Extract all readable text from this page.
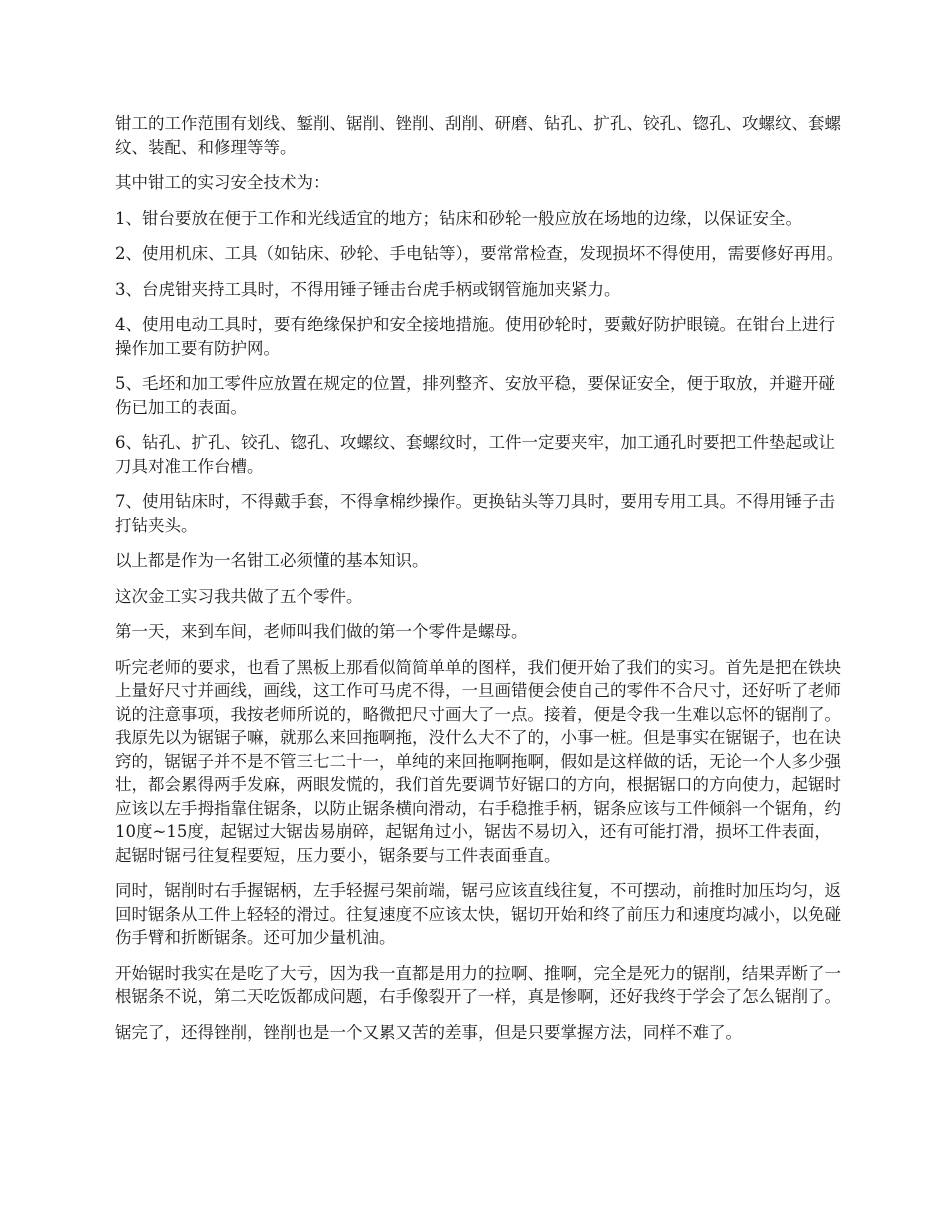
钳工的工作范围有划线、錾削、锯削、锉削、刮削、研磨、钻孔、扩孔、铰孔、锪孔、攻螺纹、套螺纹、装配、和修理等等。

其中钳工的实习安全技术为：

1、钳台要放在便于工作和光线适宜的地方；钻床和砂轮一般应放在场地的边缘，以保证安全。

2、使用机床、工具（如钻床、砂轮、手电钻等），要常常检查，发现损坏不得使用，需要修好再用。

3、台虎钳夹持工具时，不得用锤子锤击台虎手柄或钢管施加夹紧力。

4、使用电动工具时，要有绝缘保护和安全接地措施。使用砂轮时，要戴好防护眼镜。在钳台上进行操作加工要有防护网。

5、毛坯和加工零件应放置在规定的位置，排列整齐、安放平稳，要保证安全，便于取放，并避开碰伤已加工的表面。

6、钻孔、扩孔、铰孔、锪孔、攻螺纹、套螺纹时，工件一定要夹牢，加工通孔时要把工件垫起或让刀具对准工作台槽。

7、使用钻床时，不得戴手套，不得拿棉纱操作。更换钻头等刀具时，要用专用工具。不得用锤子击打钻夹头。

以上都是作为一名钳工必须懂的基本知识。

这次金工实习我共做了五个零件。

第一天，来到车间，老师叫我们做的第一个零件是螺母。

听完老师的要求，也看了黑板上那看似简简单单的图样，我们便开始了我们的实习。首先是把在铁块上量好尺寸并画线，画线，这工作可马虎不得，一旦画错便会使自己的零件不合尺寸，还好听了老师说的注意事项，我按老师所说的，略微把尺寸画大了一点。接着，便是令我一生难以忘怀的锯削了。我原先以为锯锯子嘛，就那么来回拖啊拖，没什么大不了的，小事一桩。但是事实在锯锯子，也在诀窍的，锯锯子并不是不管三七二十一，单纯的来回拖啊拖啊，假如是这样做的话，无论一个人多少强壮，都会累得两手发麻，两眼发慌的，我们首先要调节好锯口的方向，根据锯口的方向使力，起锯时应该以左手拇指靠住锯条，以防止锯条横向滑动，右手稳推手柄，锯条应该与工件倾斜一个锯角，约10度~15度，起锯过大锯齿易崩碎，起锯角过小，锯齿不易切入，还有可能打滑，损坏工件表面，起锯时锯弓往复程要短，压力要小，锯条要与工件表面垂直。

同时，锯削时右手握锯柄，左手轻握弓架前端，锯弓应该直线往复，不可摆动，前推时加压均匀，返回时锯条从工件上轻轻的滑过。往复速度不应该太快，锯切开始和终了前压力和速度均减小，以免碰伤手臂和折断锯条。还可加少量机油。

开始锯时我实在是吃了大亏，因为我一直都是用力的拉啊、推啊，完全是死力的锯削，结果弄断了一根锯条不说，第二天吃饭都成问题，右手像裂开了一样，真是惨啊，还好我终于学会了怎么锯削了。

锯完了，还得锉削，锉削也是一个又累又苦的差事，但是只要掌握方法，同样不难了。
